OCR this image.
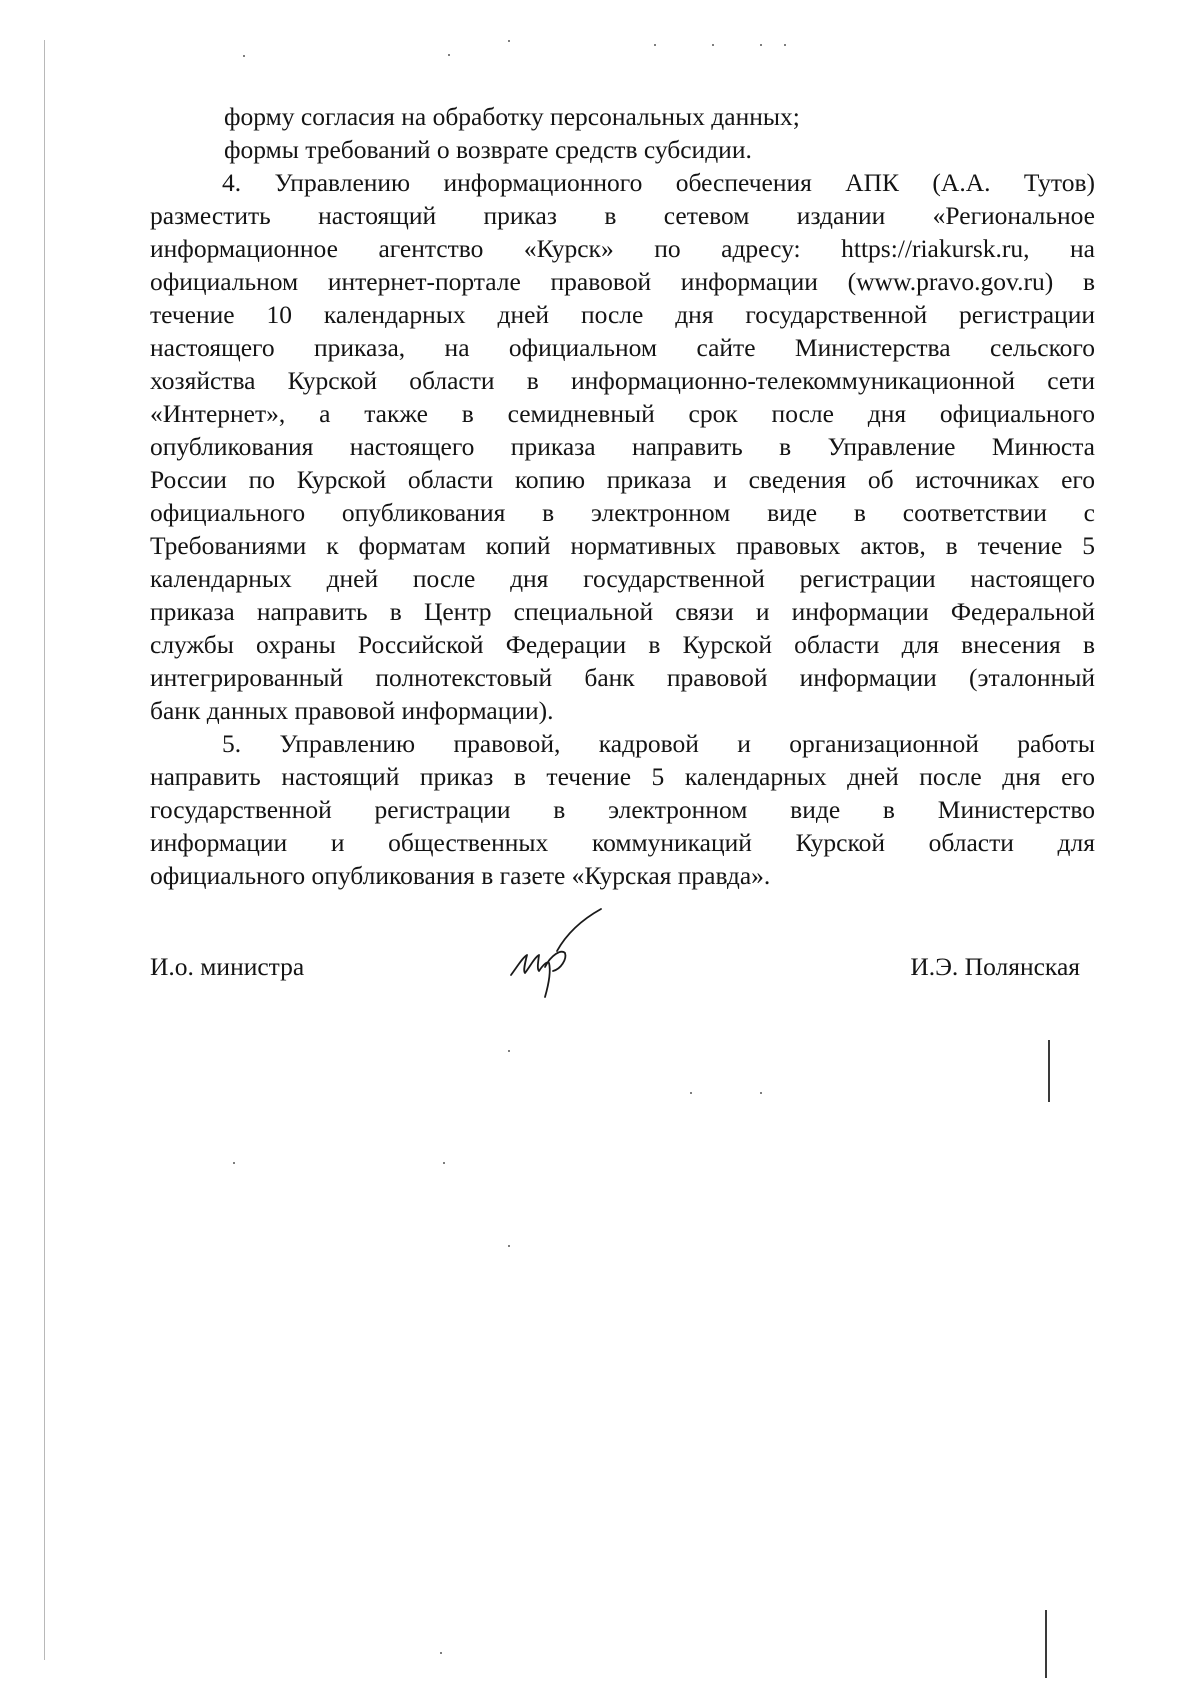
форму согласия на обработку персональных данных;
формы требований о возврате средств субсидии.
4. Управлению информационного обеспечения АПК (А.А. Тутов)
разместить настоящий приказ в сетевом издании «Региональное
информационное агентство «Курск» по адресу: https://riakursk.ru, на
официальном интернет-портале правовой информации (www.pravo.gov.ru) в
течение 10 календарных дней после дня государственной регистрации
настоящего приказа, на официальном сайте Министерства сельского
хозяйства Курской области в информационно-телекоммуникационной сети
«Интернет», а также в семидневный срок после дня официального
опубликования настоящего приказа направить в Управление Минюста
России по Курской области копию приказа и сведения об источниках его
официального опубликования в электронном виде в соответствии с
Требованиями к форматам копий нормативных правовых актов, в течение 5
календарных дней после дня государственной регистрации настоящего
приказа направить в Центр специальной связи и информации Федеральной
службы охраны Российской Федерации в Курской области для внесения в
интегрированный полнотекстовый банк правовой информации (эталонный
банк данных правовой информации).
5. Управлению правовой, кадровой и организационной работы
направить настоящий приказ в течение 5 календарных дней после дня его
государственной регистрации в электронном виде в Министерство
информации и общественных коммуникаций Курской области для
официального опубликования в газете «Курская правда».
И.о. министра	И.Э. Полянская
